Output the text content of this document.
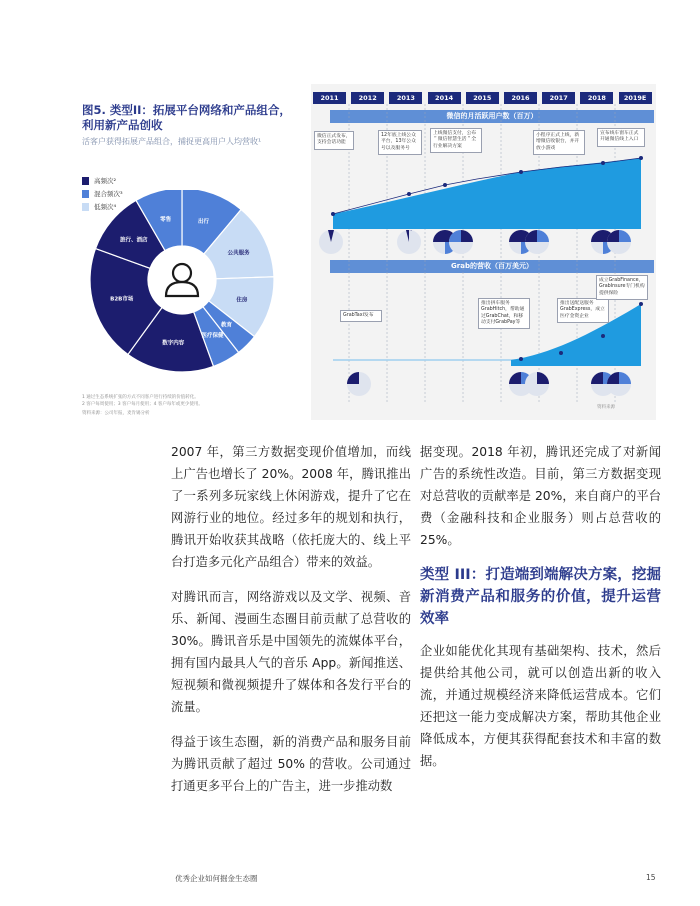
图5. 类型II：拓展平台网络和产品组合，利用新产品创收
活客户获得拓展产品组合，捕捉更高用户人均营收¹
高频次²
混合频次³
低频次⁴
出行
公共服务
住房
教育
医疗保健
数字内容
B2B市场
旅行、酒店
零售
1 通过生态系统扩张的方式不同客户进行持续的价值转化。
2 客户每周使用；3 客户每月使用；4 客户每年或更少使用。
资料来源：公司年报，麦肯锡分析
2011	2012	2013	2014	2015	2016	2017	2018	2019E
微信的月活跃用户数（百万）
Grab的营收（百万美元）
微信正式发布，支持会话功能
12年底上线公众平台，13年公众号以及服务号
上线微信支付，公布＂微信智慧生活＂全行业解决方案
小程序正式上线，新增微信收银台，并开放小游戏
宣布线车窗车正式开通微信线上入口
GrabTaxi发布
推出拼车服务GrabHitch，帮助通过GrabChat，和移动支付GrabPay等
推出送配送服务GrabExpress，成立医疗金资企业
成立GrabFinance，GrabInsure专门机构提供保险
资料来源

2007 年，第三方数据变现价值增加，而线上广告也增长了 20%。2008 年，腾讯推出了一系列多玩家线上休闲游戏，提升了它在网游行业的地位。经过多年的规划和执行，腾讯开始收获其战略（依托庞大的、线上平台打造多元化产品组合）带来的效益。

对腾讯而言，网络游戏以及文学、视频、音乐、新闻、漫画生态圈目前贡献了总营收的 30%。腾讯音乐是中国领先的流媒体平台，拥有国内最具人气的音乐 App。新闻推送、短视频和微视频提升了媒体和各发行平台的流量。

得益于该生态圈，新的消费产品和服务目前为腾讯贡献了超过 50% 的营收。公司通过打通更多平台上的广告主，进一步推动数

据变现。2018 年初，腾讯还完成了对新闻广告的系统性改造。目前，第三方数据变现对总营收的贡献率是 20%，来自商户的平台费（金融科技和企业服务）则占总营收的 25%。

类型 III：打造端到端解决方案，挖掘新消费产品和服务的价值，提升运营效率

企业如能优化其现有基础架构、技术，然后提供给其他公司，就可以创造出新的收入流，并通过规模经济来降低运营成本。它们还把这一能力变成解决方案，帮助其他企业降低成本，方便其获得配套技术和丰富的数据。

优秀企业如何掘金生态圈	15
